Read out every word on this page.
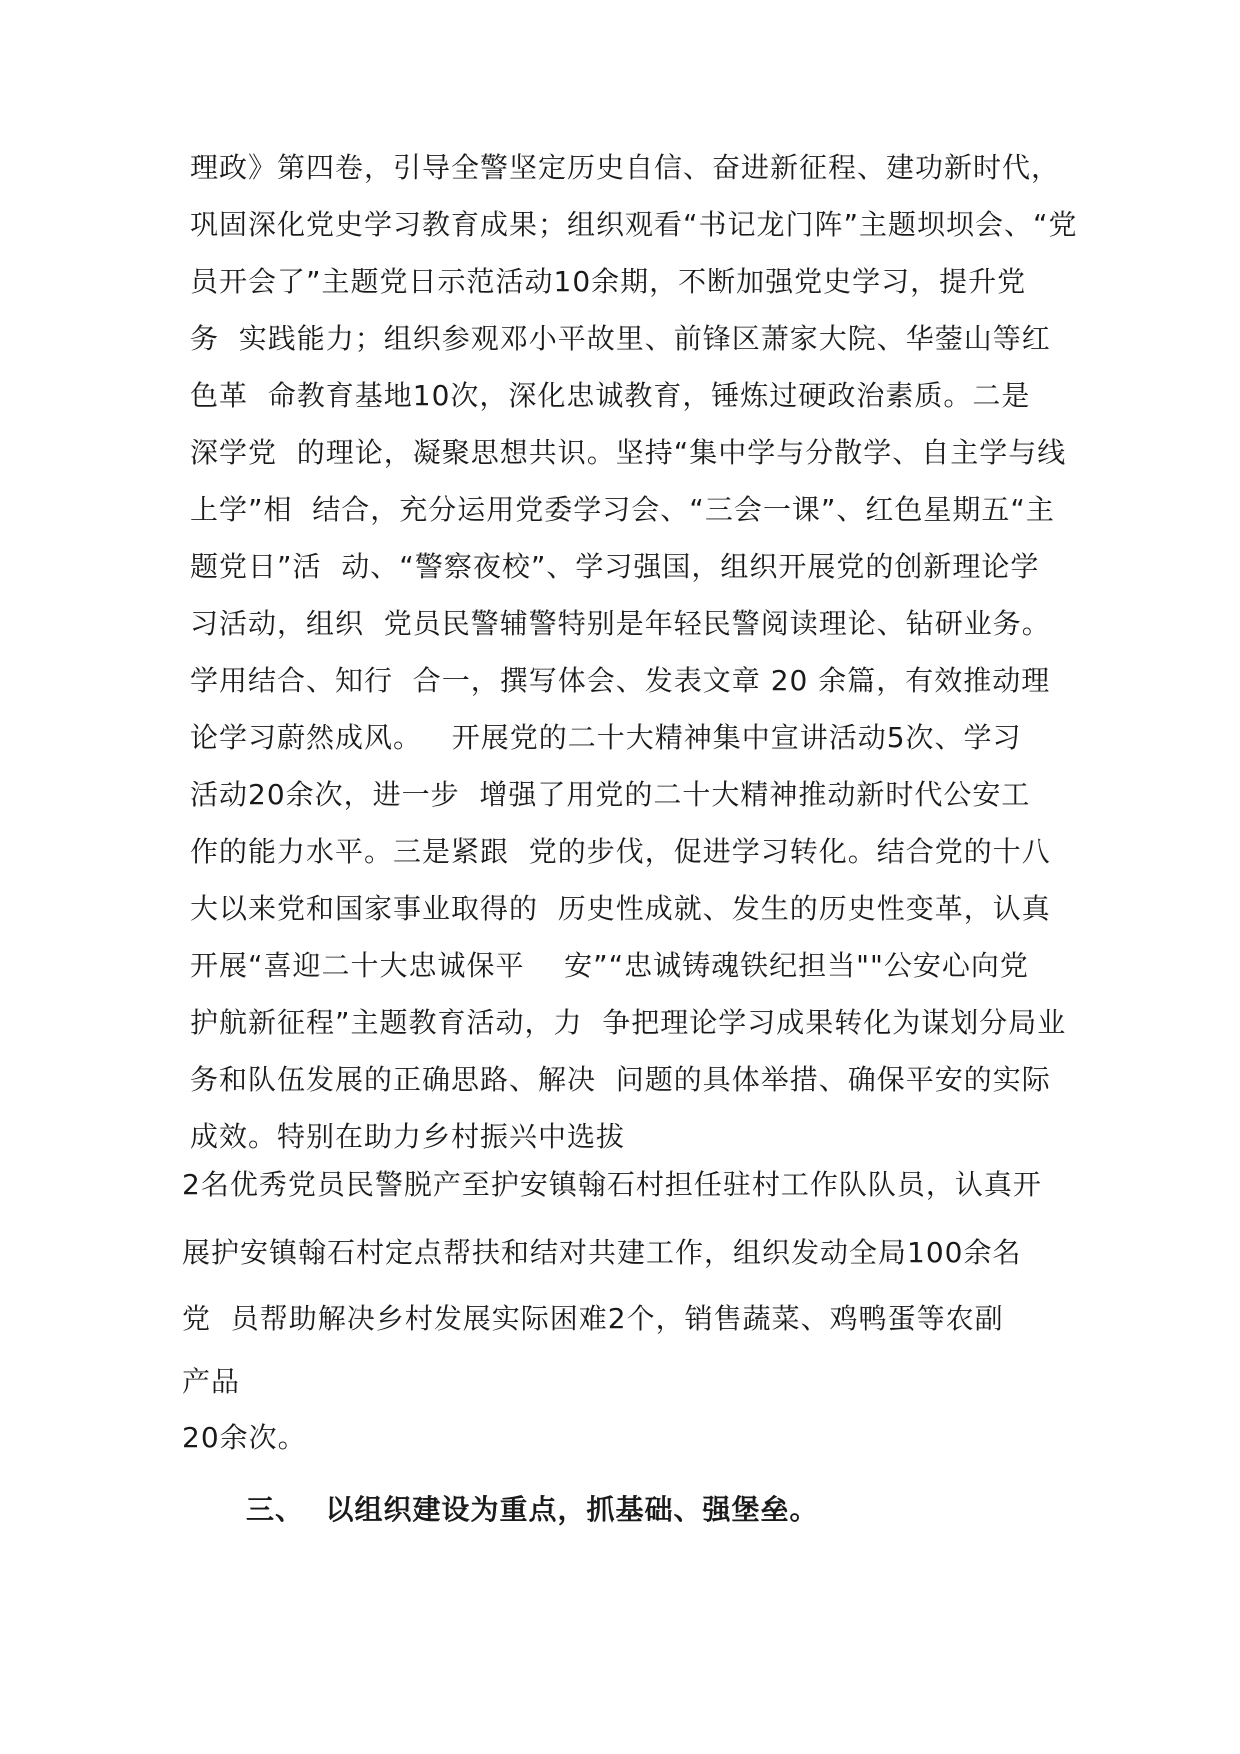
理政》第四卷，引导全警坚定历史自信、奋进新征程、建功新时代，
巩固深化党史学习教育成果；组织观看“书记龙门阵”主题坝坝会、“党
员开会了”主题党日示范活动10余期，不断加强党史学习，提升党
务  实践能力；组织参观邓小平故里、前锋区萧家大院、华蓥山等红
色革  命教育基地10次，深化忠诚教育，锤炼过硬政治素质。二是
深学党  的理论，凝聚思想共识。坚持“集中学与分散学、自主学与线
上学”相  结合，充分运用党委学习会、“三会一课”、红色星期五“主
题党日”活  动、“警察夜校”、学习强国，组织开展党的创新理论学
习活动，组织  党员民警辅警特别是年轻民警阅读理论、钻研业务。
学用结合、知行  合一，撰写体会、发表文章 20 余篇，有效推动理
论学习蔚然成风。   开展党的二十大精神集中宣讲活动5次、学习
活动20余次，进一步  增强了用党的二十大精神推动新时代公安工
作的能力水平。三是紧跟  党的步伐，促进学习转化。结合党的十八
大以来党和国家事业取得的  历史性成就、发生的历史性变革，认真
开展“喜迎二十大忠诚保平    安”“忠诚铸魂铁纪担当""公安心向党
护航新征程”主题教育活动，力  争把理论学习成果转化为谋划分局业
务和队伍发展的正确思路、解决  问题的具体举措、确保平安的实际
成效。特别在助力乡村振兴中选拔
2名优秀党员民警脱产至护安镇翰石村担任驻村工作队队员，认真开
展护安镇翰石村定点帮扶和结对共建工作，组织发动全局100余名
党  员帮助解决乡村发展实际困难2个，销售蔬菜、鸡鸭蛋等农副
产品
20余次。
三、  以组织建设为重点，抓基础、强堡垒。
